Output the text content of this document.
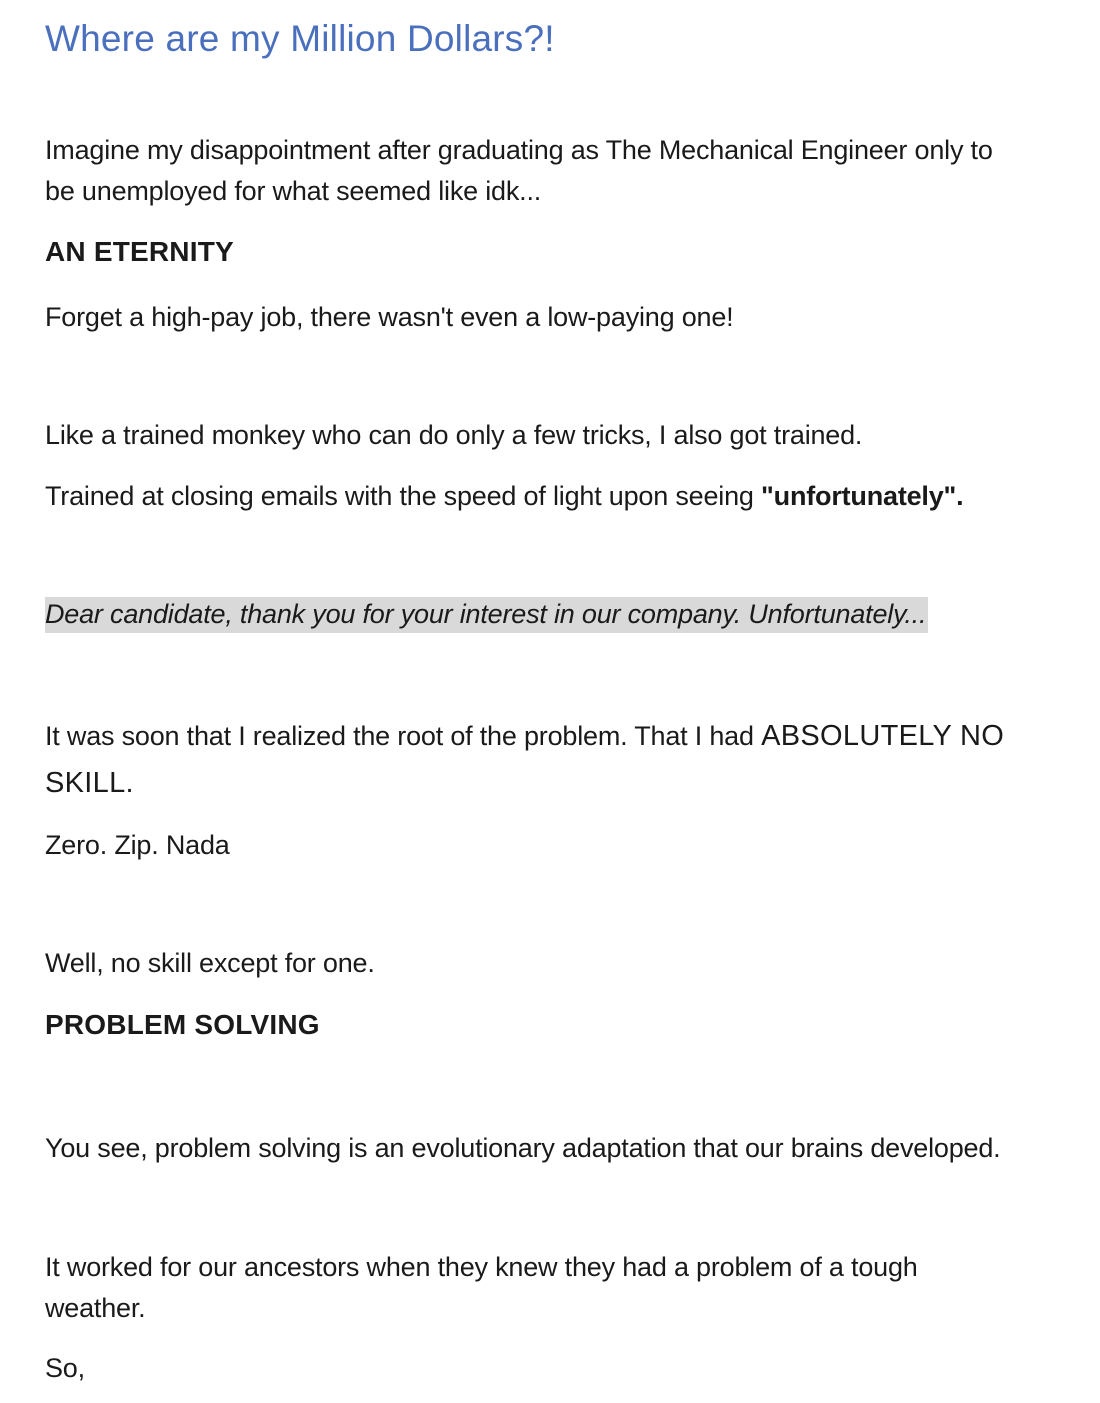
Where are my Million Dollars?!

Imagine my disappointment after graduating as The Mechanical Engineer only to

be unemployed for what seemed like idk...

AN ETERNITY

Forget a high-pay job, there wasn't even a low-paying one!

Like a trained monkey who can do only a few tricks, I also got trained.

Trained at closing emails with the speed of light upon seeing "unfortunately".

Dear candidate, thank you for your interest in our company. Unfortunately...

It was soon that I realized the root of the problem. That I had ABSOLUTELY NO

SKILL.

Zero. Zip. Nada

Well, no skill except for one.

PROBLEM SOLVING

You see, problem solving is an evolutionary adaptation that our brains developed.

It worked for our ancestors when they knew they had a problem of a tough

weather.

So,
